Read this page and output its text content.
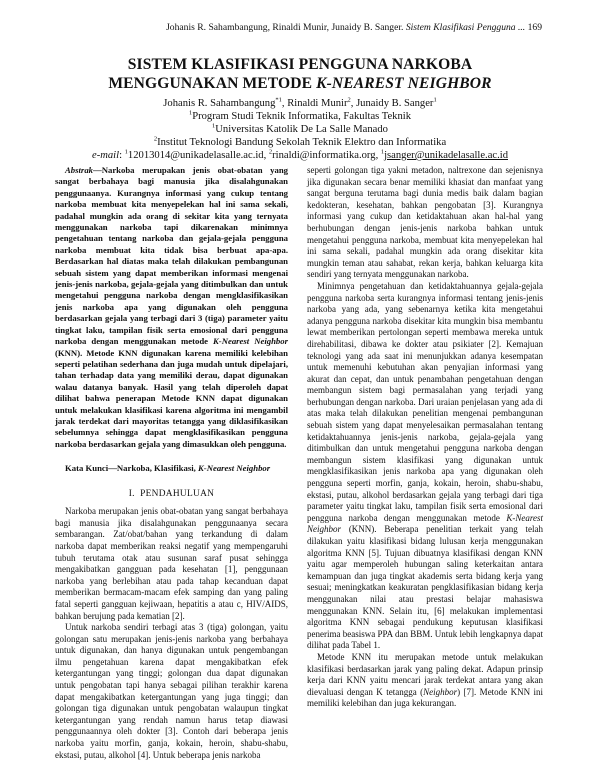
Johanis R. Sahambangung, Rinaldi Munir, Junaidy B. Sanger. Sistem Klasifikasi Pengguna ... 169
SISTEM KLASIFIKASI PENGGUNA NARKOBA
MENGGUNAKAN METODE K-NEAREST NEIGHBOR
Johanis R. Sahambangung$^{*1}$, Rinaldi Munir$^2$, Junaidy B. Sanger$^1$
$^1$Program Studi Teknik Informatika, Fakultas Teknik
$^1$Universitas Katolik De La Salle Manado
$^2$Institut Teknologi Bandung Sekolah Teknik Elektro dan Informatika
e-mail: $^1$12013014@unikadelasalle.ac.id, $^2$rinaldi@informatika.org, $^1$jsanger@unikadelasalle.ac.id

Abstrak—Narkoba merupakan jenis obat-obatan yang sangat berbahaya bagi manusia jika disalahgunakan penggunaanya. Kurangnya informasi yang cukup tentang narkoba membuat kita menyepelekan hal ini sama sekali, padahal mungkin ada orang di sekitar kita yang ternyata menggunakan narkoba tapi dikarenakan minimnya pengetahuan tentang narkoba dan gejala-gejala pengguna narkoba membuat kita tidak bisa berbuat apa-apa. Berdasarkan hal diatas maka telah dilakukan pembangunan sebuah sistem yang dapat memberikan informasi mengenai jenis-jenis narkoba, gejala-gejala yang ditimbulkan dan untuk mengetahui pengguna narkoba dengan mengklasifikasikan jenis narkoba apa yang digunakan oleh pengguna berdasarkan gejala yang terbagi dari 3 (tiga) parameter yaitu tingkat laku, tampilan fisik serta emosional dari pengguna narkoba dengan menggunakan metode K-Nearest Neighbor (KNN). Metode KNN digunakan karena memiliki kelebihan seperti pelatihan sederhana dan juga mudah untuk dipelajari, tahan terhadap data yang memiliki derau, dapat digunakan walau datanya banyak. Hasil yang telah diperoleh dapat dilihat bahwa penerapan Metode KNN dapat digunakan untuk melakukan klasifikasi karena algoritma ini mengambil jarak terdekat dari mayoritas tetangga yang diklasifikasikan sebelumnya sehingga dapat mengklasifikasikan pengguna narkoba berdasarkan gejala yang dimasukkan oleh pengguna.

Kata Kunci—Narkoba, Klasifikasi, K-Nearest Neighbor

I. PENDAHULUAN

Narkoba merupakan jenis obat-obatan yang sangat berbahaya bagi manusia jika disalahgunakan penggunaanya secara sembarangan. Zat/obat/bahan yang terkandung di dalam narkoba dapat memberikan reaksi negatif yang mempengaruhi tubuh terutama otak atau susunan saraf pusat sehingga mengakibatkan gangguan pada kesehatan [1], penggunaan narkoba yang berlebihan atau pada tahap kecanduan dapat memberikan bermacam-macam efek samping dan yang paling fatal seperti gangguan kejiwaan, hepatitis a atau c, HIV/AIDS, bahkan berujung pada kematian [2].

Untuk narkoba sendiri terbagi atas 3 (tiga) golongan, yaitu golongan satu merupakan jenis-jenis narkoba yang berbahaya untuk digunakan, dan hanya digunakan untuk pengembangan ilmu pengetahuan karena dapat mengakibatkan efek ketergantungan yang tinggi; golongan dua dapat digunakan untuk pengobatan tapi hanya sebagai pilihan terakhir karena dapat mengakibatkan ketergantungan yang juga tinggi; dan golongan tiga digunakan untuk pengobatan walaupun tingkat ketergantungan yang rendah namun harus tetap diawasi penggunaannya oleh dokter [3]. Contoh dari beberapa jenis narkoba yaitu morfin, ganja, kokain, heroin, shabu-shabu, ekstasi, putau, alkohol [4]. Untuk beberapa jenis narkoba

seperti golongan tiga yakni metadon, naltrexone dan sejenisnya jika digunakan secara benar memiliki khasiat dan manfaat yang sangat berguna terutama bagi dunia medis baik dalam bagian kedokteran, kesehatan, bahkan pengobatan [3]. Kurangnya informasi yang cukup dan ketidaktahuan akan hal-hal yang berhubungan dengan jenis-jenis narkoba bahkan untuk mengetahui pengguna narkoba, membuat kita menyepelekan hal ini sama sekali, padahal mungkin ada orang disekitar kita mungkin teman atau sahabat, rekan kerja, bahkan keluarga kita sendiri yang ternyata menggunakan narkoba.

Minimnya pengetahuan dan ketidaktahuannya gejala-gejala pengguna narkoba serta kurangnya informasi tentang jenis-jenis narkoba yang ada, yang sebenarnya ketika kita mengetahui adanya pengguna narkoba disekitar kita mungkin bisa membantu lewat memberikan pertolongan seperti membawa mereka untuk direhabilitasi, dibawa ke dokter atau psikiater [2]. Kemajuan teknologi yang ada saat ini menunjukkan adanya kesempatan untuk memenuhi kebutuhan akan penyajian informasi yang akurat dan cepat, dan untuk penambahan pengetahuan dengan membangun sistem bagi permasalahan yang terjadi yang berhubungan dengan narkoba. Dari uraian penjelasan yang ada di atas maka telah dilakukan penelitian mengenai pembangunan sebuah sistem yang dapat menyelesaikan permasalahan tentang ketidaktahuannya jenis-jenis narkoba, gejala-gejala yang ditimbulkan dan untuk mengetahui pengguna narkoba dengan membangun sistem klasifikasi yang digunakan untuk mengklasifikasikan jenis narkoba apa yang digunakan oleh pengguna seperti morfin, ganja, kokain, heroin, shabu-shabu, ekstasi, putau, alkohol berdasarkan gejala yang terbagi dari tiga parameter yaitu tingkat laku, tampilan fisik serta emosional dari pengguna narkoba dengan menggunakan metode K-Nearest Neighbor (KNN). Beberapa penelitian terkait yang telah dilakukan yaitu klasifikasi bidang lulusan kerja menggunakan algoritma KNN [5]. Tujuan dibuatnya klasifikasi dengan KNN yaitu agar memperoleh hubungan saling keterkaitan antara kemampuan dan juga tingkat akademis serta bidang kerja yang sesuai; meningkatkan keakuratan pengklasifikasian bidang kerja menggunakan nilai atau prestasi belajar mahasiswa menggunakan KNN. Selain itu, [6] melakukan implementasi algoritma KNN sebagai pendukung keputusan klasifikasi penerima beasiswa PPA dan BBM. Untuk lebih lengkapnya dapat dilihat pada Tabel 1.

Metode KNN itu merupakan metode untuk melakukan klasifikasi berdasarkan jarak yang paling dekat. Adapun prinsip kerja dari KNN yaitu mencari jarak terdekat antara yang akan dievaluasi dengan K tetangga (Neighbor) [7]. Metode KNN ini memiliki kelebihan dan juga kekurangan.
